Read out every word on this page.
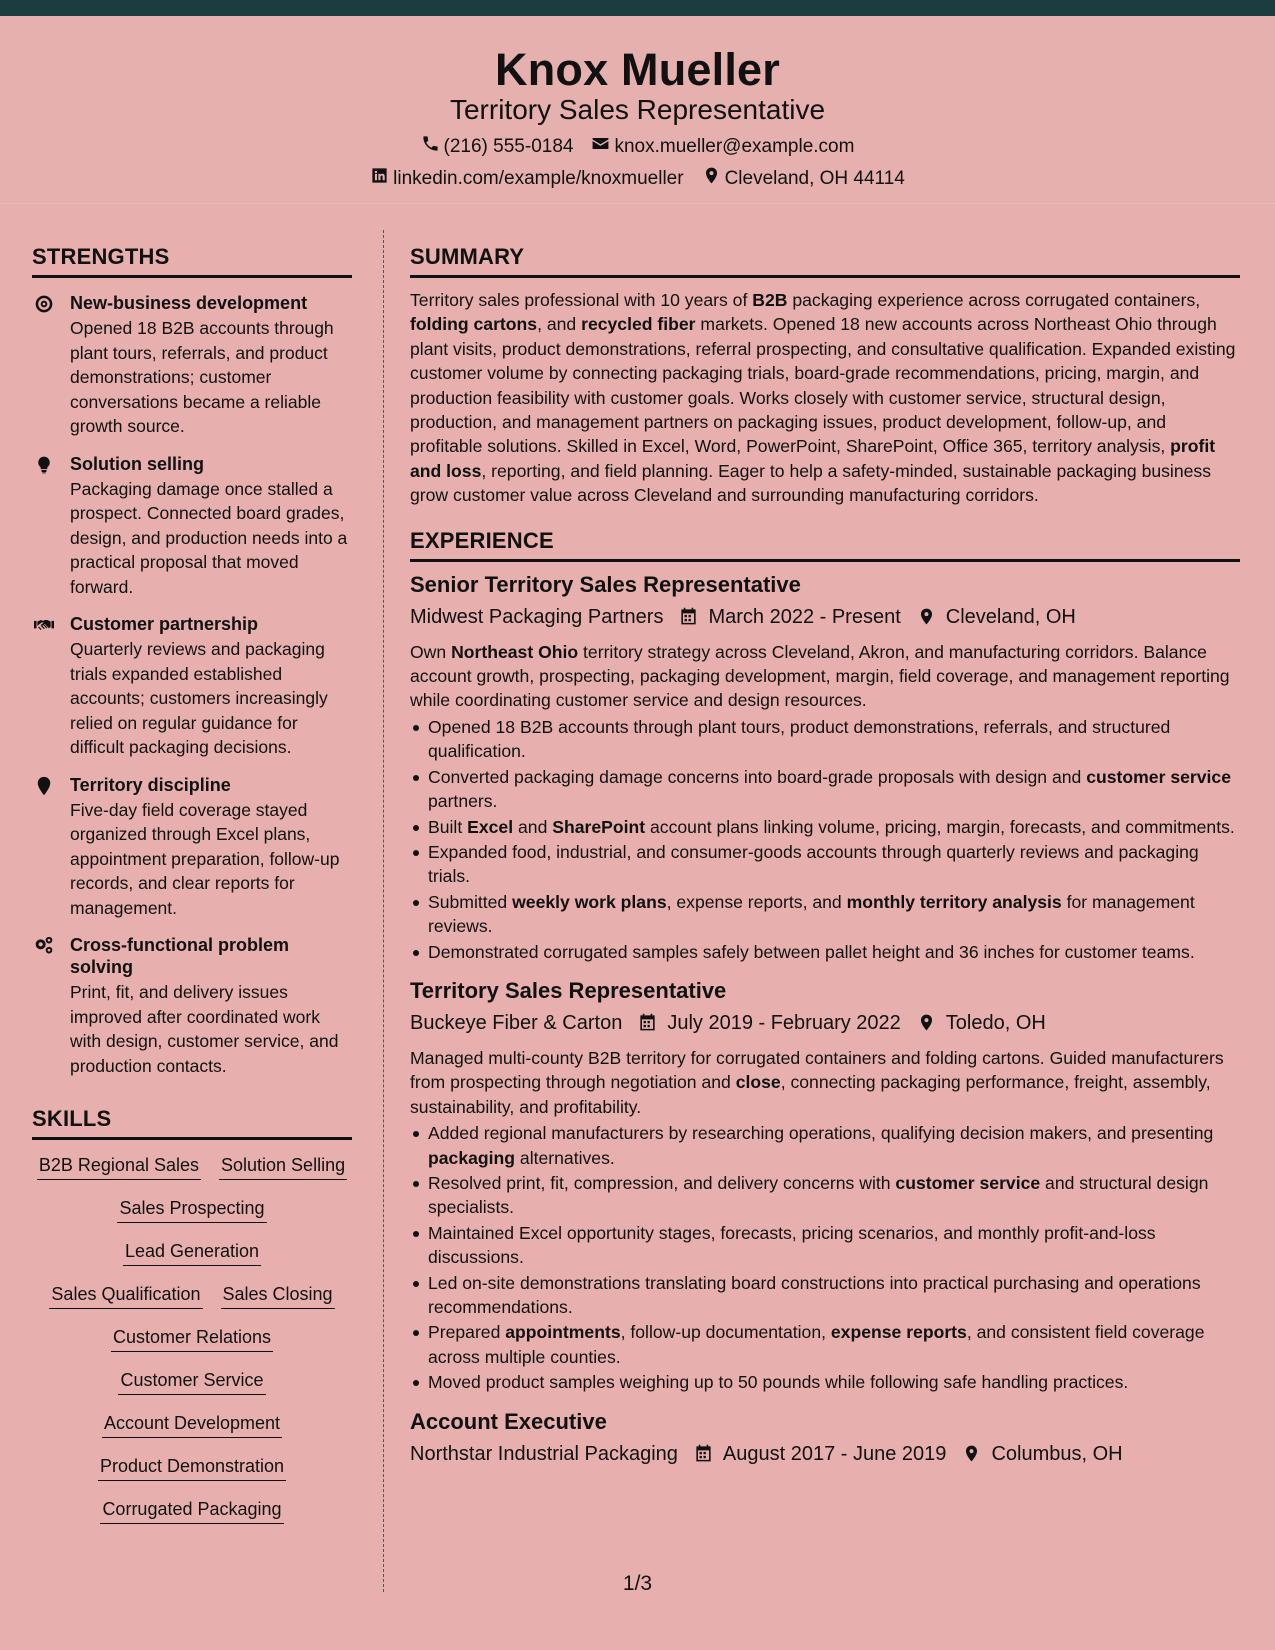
Knox Mueller
Territory Sales Representative
(216) 555-0184 knox.mueller@example.com
linkedin.com/example/knoxmueller Cleveland, OH 44114
STRENGTHS
New-business development
Opened 18 B2B accounts through plant tours, referrals, and product demonstrations; customer conversations became a reliable growth source.
Solution selling
Packaging damage once stalled a prospect. Connected board grades, design, and production needs into a practical proposal that moved forward.
Customer partnership
Quarterly reviews and packaging trials expanded established accounts; customers increasingly relied on regular guidance for difficult packaging decisions.
Territory discipline
Five-day field coverage stayed organized through Excel plans, appointment preparation, follow-up records, and clear reports for management.
Cross-functional problem solving
Print, fit, and delivery issues improved after coordinated work with design, customer service, and production contacts.
SKILLS
B2B Regional Sales Solution Selling
Sales Prospecting
Lead Generation
Sales Qualification Sales Closing
Customer Relations
Customer Service
Account Development
Product Demonstration
Corrugated Packaging
SUMMARY
Territory sales professional with 10 years of B2B packaging experience across corrugated containers, folding cartons, and recycled fiber markets. Opened 18 new accounts across Northeast Ohio through plant visits, product demonstrations, referral prospecting, and consultative qualification. Expanded existing customer volume by connecting packaging trials, board-grade recommendations, pricing, margin, and production feasibility with customer goals. Works closely with customer service, structural design, production, and management partners on packaging issues, product development, follow-up, and profitable solutions. Skilled in Excel, Word, PowerPoint, SharePoint, Office 365, territory analysis, profit and loss, reporting, and field planning. Eager to help a safety-minded, sustainable packaging business grow customer value across Cleveland and surrounding manufacturing corridors.
EXPERIENCE
Senior Territory Sales Representative
Midwest Packaging Partners March 2022 - Present Cleveland, OH
Own Northeast Ohio territory strategy across Cleveland, Akron, and manufacturing corridors. Balance account growth, prospecting, packaging development, margin, field coverage, and management reporting while coordinating customer service and design resources.
Opened 18 B2B accounts through plant tours, product demonstrations, referrals, and structured qualification.
Converted packaging damage concerns into board-grade proposals with design and customer service partners.
Built Excel and SharePoint account plans linking volume, pricing, margin, forecasts, and commitments.
Expanded food, industrial, and consumer-goods accounts through quarterly reviews and packaging trials.
Submitted weekly work plans, expense reports, and monthly territory analysis for management reviews.
Demonstrated corrugated samples safely between pallet height and 36 inches for customer teams.
Territory Sales Representative
Buckeye Fiber & Carton July 2019 - February 2022 Toledo, OH
Managed multi-county B2B territory for corrugated containers and folding cartons. Guided manufacturers from prospecting through negotiation and close, connecting packaging performance, freight, assembly, sustainability, and profitability.
Added regional manufacturers by researching operations, qualifying decision makers, and presenting packaging alternatives.
Resolved print, fit, compression, and delivery concerns with customer service and structural design specialists.
Maintained Excel opportunity stages, forecasts, pricing scenarios, and monthly profit-and-loss discussions.
Led on-site demonstrations translating board constructions into practical purchasing and operations recommendations.
Prepared appointments, follow-up documentation, expense reports, and consistent field coverage across multiple counties.
Moved product samples weighing up to 50 pounds while following safe handling practices.
Account Executive
Northstar Industrial Packaging August 2017 - June 2019 Columbus, OH
1/3
